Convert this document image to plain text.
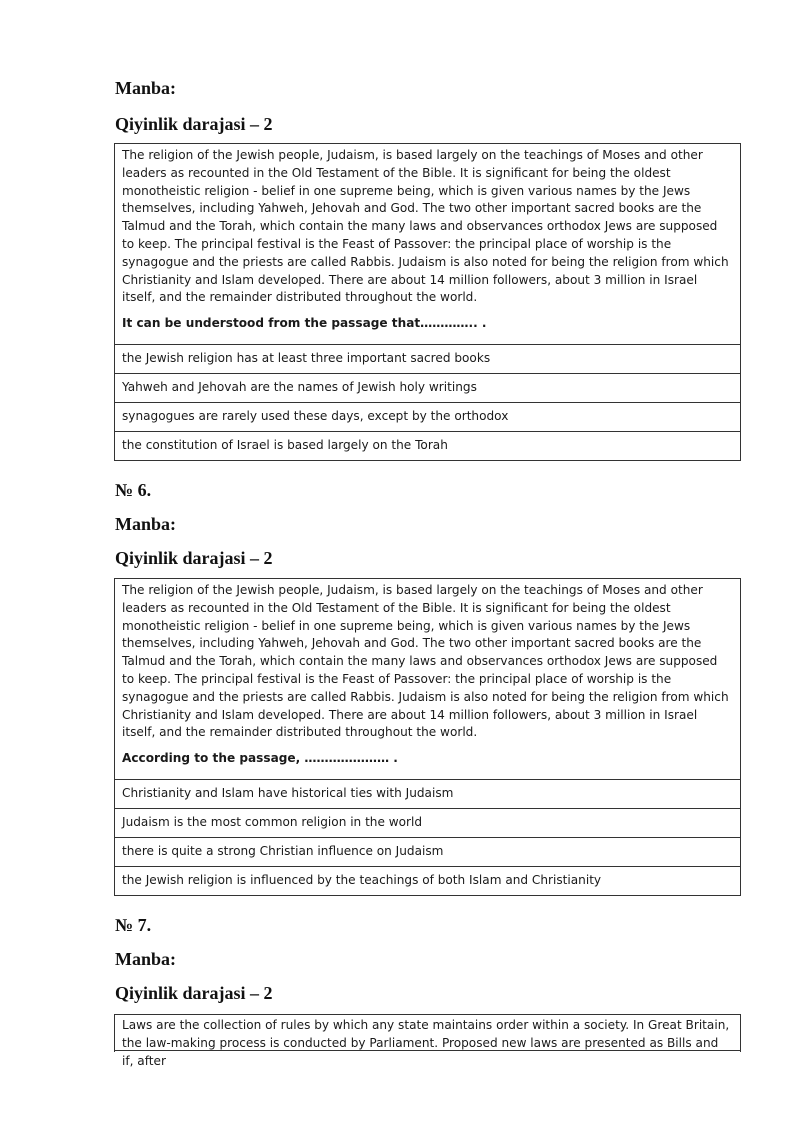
Manba:

Qiyinlik darajasi – 2

The religion of the Jewish people, Judaism, is based largely on the teachings of Moses and other leaders as recounted in the Old Testament of the Bible. It is significant for being the oldest monotheistic religion - belief in one supreme being, which is given various names by the Jews themselves, including Yahweh, Jehovah and God. The two other important sacred books are the Talmud and the Torah, which contain the many laws and observances orthodox Jews are supposed to keep. The principal festival is the Feast of Passover: the principal place of worship is the synagogue and the priests are called Rabbis. Judaism is also noted for being the religion from which Christianity and Islam developed. There are about 14 million followers, about 3 million in Israel itself, and the remainder distributed throughout the world.

It can be understood from the passage that………….. .

the Jewish religion has at least three important sacred books
Yahweh and Jehovah are the names of Jewish holy writings
synagogues are rarely used these days, except by the orthodox
the constitution of Israel is based largely on the Torah

№ 6.

Manba:

Qiyinlik darajasi – 2

The religion of the Jewish people, Judaism, is based largely on the teachings of Moses and other leaders as recounted in the Old Testament of the Bible. It is significant for being the oldest monotheistic religion - belief in one supreme being, which is given various names by the Jews themselves, including Yahweh, Jehovah and God. The two other important sacred books are the Talmud and the Torah, which contain the many laws and observances orthodox Jews are supposed to keep. The principal festival is the Feast of Passover: the principal place of worship is the synagogue and the priests are called Rabbis. Judaism is also noted for being the religion from which Christianity and Islam developed. There are about 14 million followers, about 3 million in Israel itself, and the remainder distributed throughout the world.

According to the passage, ………………… .

Christianity and Islam have historical ties with Judaism
Judaism is the most common religion in the world
there is quite a strong Christian influence on Judaism
the Jewish religion is influenced by the teachings of both Islam and Christianity

№ 7.

Manba:

Qiyinlik darajasi – 2

Laws are the collection of rules by which any state maintains order within a society. In Great Britain, the law-making process is conducted by Parliament. Proposed new laws are presented as Bills and if, after
